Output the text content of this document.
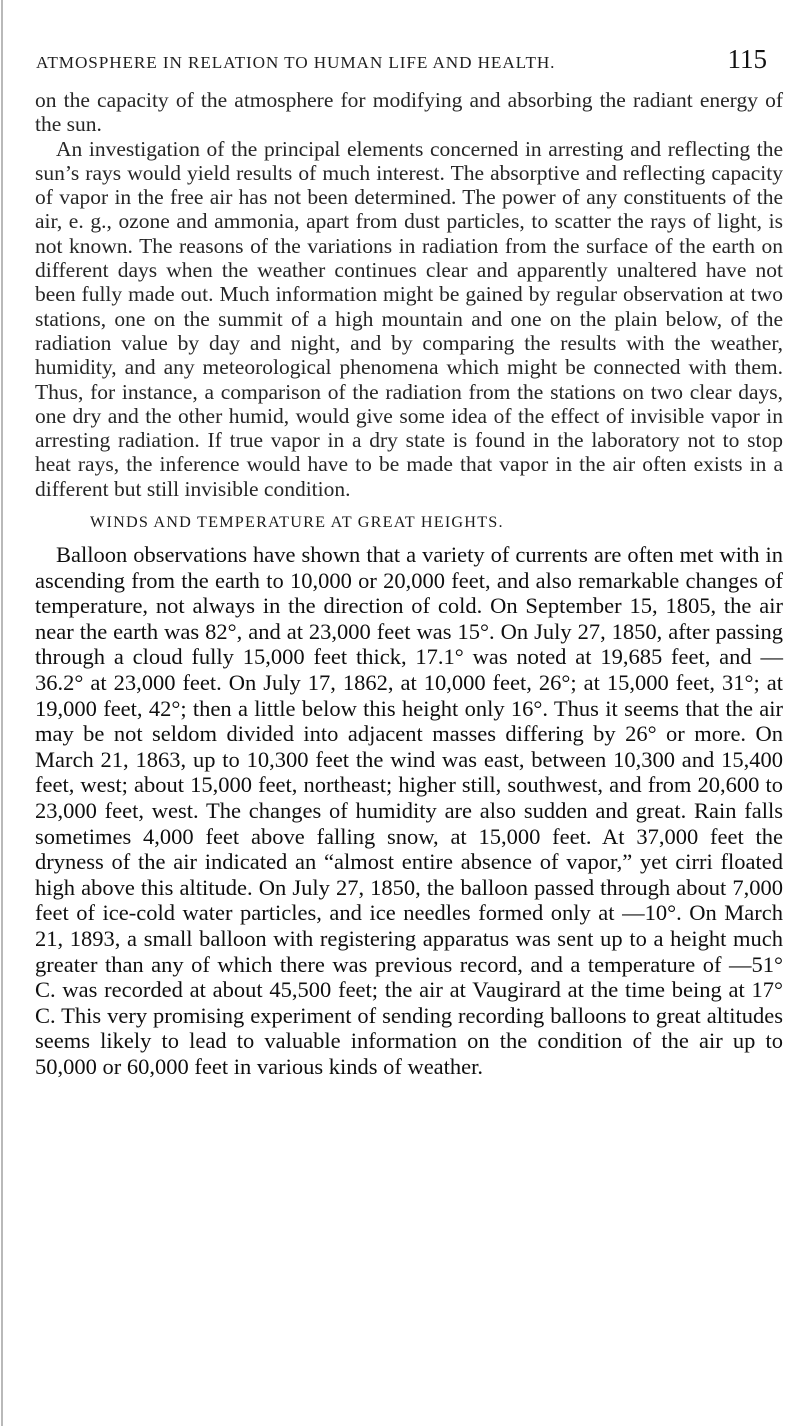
ATMOSPHERE IN RELATION TO HUMAN LIFE AND HEALTH.	115

on the capacity of the atmosphere for modifying and absorbing the radiant energy of the sun.

An investigation of the principal elements concerned in arresting and reflecting the sun’s rays would yield results of much interest. The absorptive and reflecting capacity of vapor in the free air has not been determined. The power of any constituents of the air, e. g., ozone and ammonia, apart from dust particles, to scatter the rays of light, is not known. The reasons of the variations in radiation from the surface of the earth on different days when the weather continues clear and apparently unaltered have not been fully made out. Much information might be gained by regular observation at two stations, one on the summit of a high mountain and one on the plain below, of the radiation value by day and night, and by comparing the results with the weather, humidity, and any meteorological phenomena which might be connected with them. Thus, for instance, a comparison of the radiation from the stations on two clear days, one dry and the other humid, would give some idea of the effect of invisible vapor in arresting radiation. If true vapor in a dry state is found in the laboratory not to stop heat rays, the inference would have to be made that vapor in the air often exists in a different but still invisible condition.

WINDS AND TEMPERATURE AT GREAT HEIGHTS.

Balloon observations have shown that a variety of currents are often met with in ascending from the earth to 10,000 or 20,000 feet, and also remarkable changes of temperature, not always in the direction of cold. On September 15, 1805, the air near the earth was 82°, and at 23,000 feet was 15°. On July 27, 1850, after passing through a cloud fully 15,000 feet thick, 17.1° was noted at 19,685 feet, and —36.2° at 23,000 feet. On July 17, 1862, at 10,000 feet, 26°; at 15,000 feet, 31°; at 19,000 feet, 42°; then a little below this height only 16°. Thus it seems that the air may be not seldom divided into adjacent masses differing by 26° or more. On March 21, 1863, up to 10,300 feet the wind was east, between 10,300 and 15,400 feet, west; about 15,000 feet, northeast; higher still, southwest, and from 20,600 to 23,000 feet, west. The changes of humidity are also sudden and great. Rain falls sometimes 4,000 feet above falling snow, at 15,000 feet. At 37,000 feet the dryness of the air indicated an “almost entire absence of vapor,” yet cirri floated high above this altitude. On July 27, 1850, the balloon passed through about 7,000 feet of ice-cold water particles, and ice needles formed only at —10°. On March 21, 1893, a small balloon with registering apparatus was sent up to a height much greater than any of which there was previous record, and a temperature of —51° C. was recorded at about 45,500 feet; the air at Vaugirard at the time being at 17° C. This very promising experiment of sending recording balloons to great altitudes seems likely to lead to valuable information on the condition of the air up to 50,000 or 60,000 feet in various kinds of weather.
